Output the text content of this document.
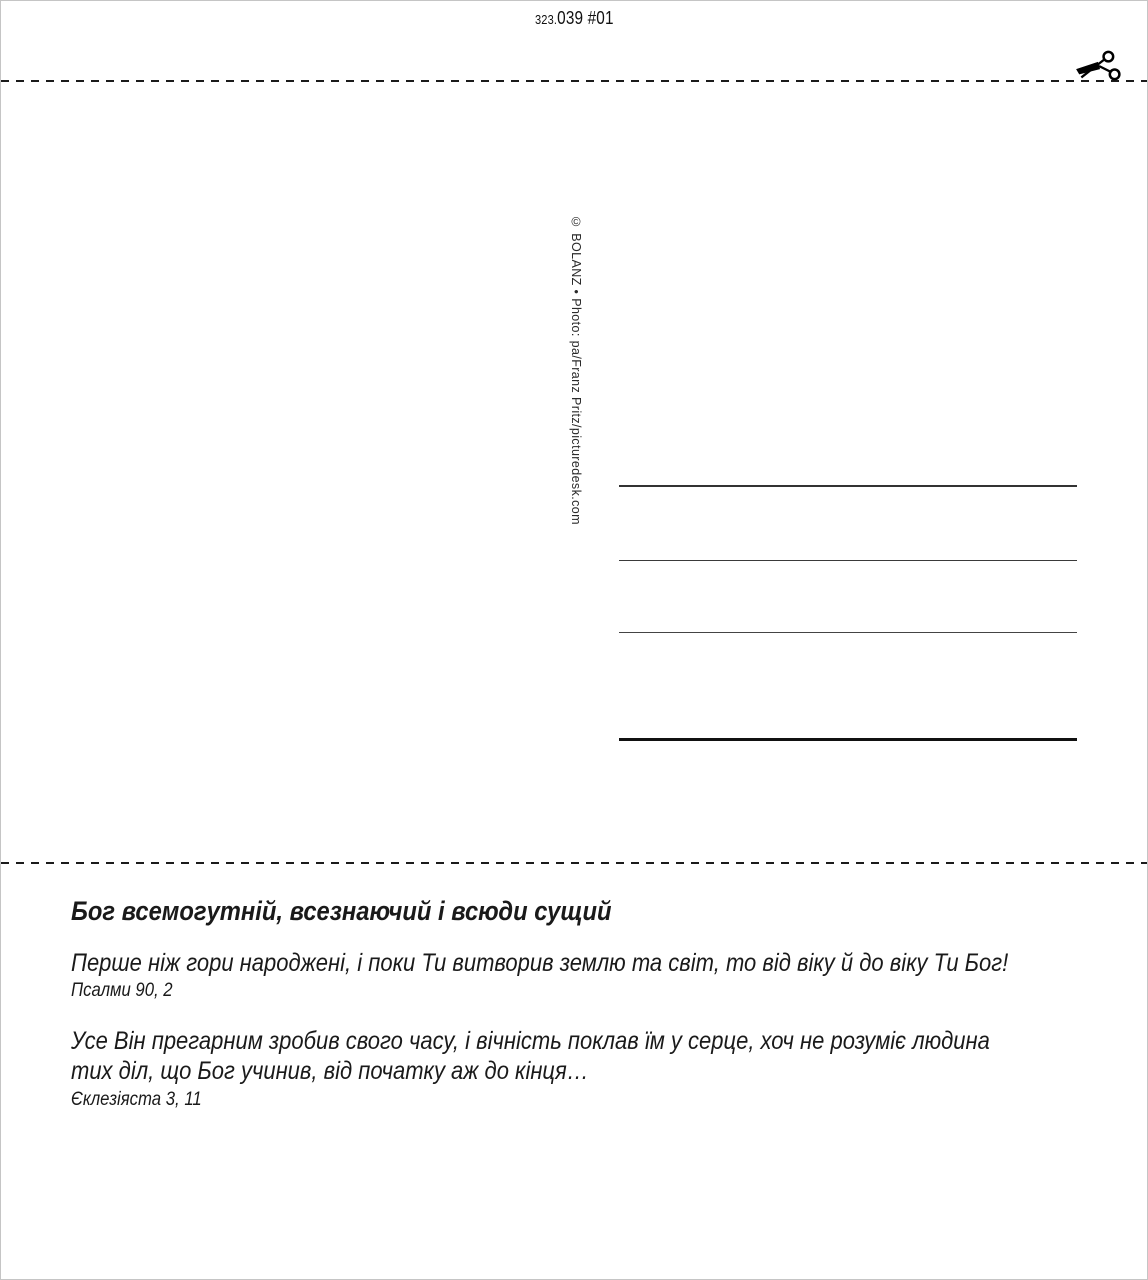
323.039 #01
© BOLANZ • Photo: pa/Franz Pritz/picturedesk.com
Бог всемогутній, всезнаючий і всюди сущий
Перше ніж гори народжені, і поки Ти витворив землю та світ, то від віку й до віку Ти Бог!
Псалми 90, 2
Усе Він прегарним зробив свого часу, і вічність поклав їм у серце, хоч не розуміє людина
тих діл, що Бог учинив, від початку аж до кінця…
Єклезіяста 3, 11
